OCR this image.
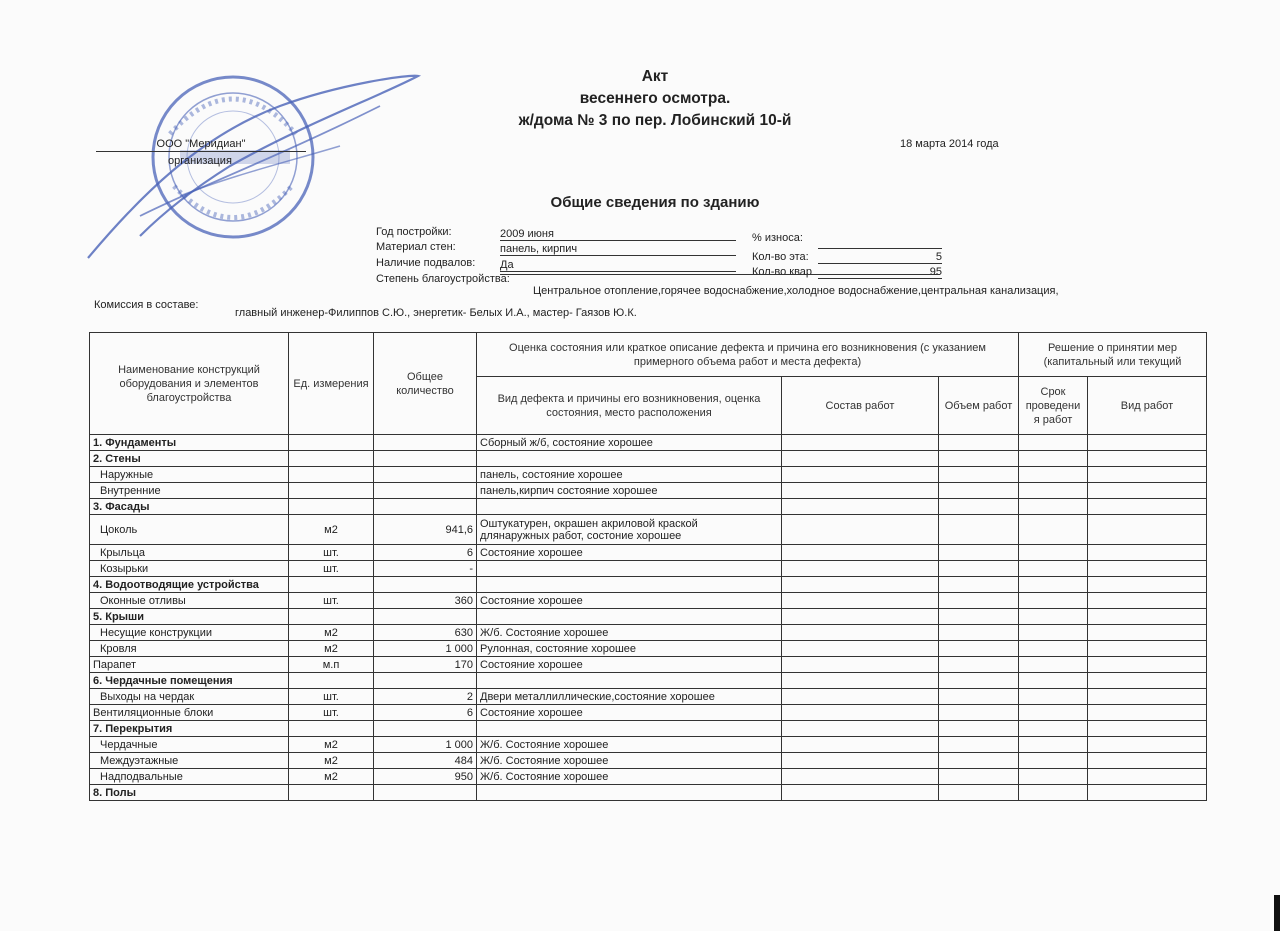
Акт
весеннего осмотра.
ж/дома № 3 по пер. Лобинский 10-й
18 марта 2014 года
ООО "Меридиан"
организация
Общие сведения по зданию
Год постройки:	2009 июня
Материал стен:	панель, кирпич
Наличие подвалов: Да
% износа:
Кол-во эта:	5
Кол-во квар	95
Степень благоустройства:
Центральное отопление,горячее водоснабжение,холодное водоснабжение,центральная канализация,
Комиссия в составе:
главный инженер-Филиппов С.Ю., энергетик- Белых И.А., мастер- Гаязов Ю.К.
Наименование конструкций оборудования и элементов благоустройства	Ед. измерения	Общее количество	Оценка состояния или краткое описание дефекта и причина его возникновения (с указанием примерного объема работ и места дефекта)			Решение о принятии мер (капитальный или текущий	
			Вид дефекта и причины его возникновения, оценка состояния, место расположения	Состав работ	Объем работ	Срок проведени я работ	Вид работ
1. Фундаменты			Сборный ж/б, состояние хорошее				

2. Стены			

Наружные			панель, состояние хорошее				

Внутренние			панель,кирпич состояние хорошее				

3. Фасады			

Цоколь	м2	941,6	Оштукатурен, окрашен акриловой краской
длянаружных работ, состоние хорошее				

Крыльца	шт.	6	Состояние хорошее				

Козырьки	шт.	-	

4. Водоотводящие устройства			

Оконные отливы	шт.	360	Состояние хорошее				

5. Крыши			

Несущие конструкции	м2	630	Ж/б. Состояние хорошее				

Кровля	м2	1 000	Рулонная, состояние хорошее				

Парапет	м.п	170	Состояние хорошее				

6. Чердачные помещения			

Выходы на чердак	шт.	2	Двери металлиллические,состояние хорошее				

Вентиляционные блоки	шт.	6	Состояние хорошее				

7. Перекрытия			

Чердачные	м2	1 000	Ж/б. Состояние хорошее				

Междуэтажные	м2	484	Ж/б. Состояние хорошее				

Надподвальные	м2	950	Ж/б. Состояние хорошее				

8. Полы			
